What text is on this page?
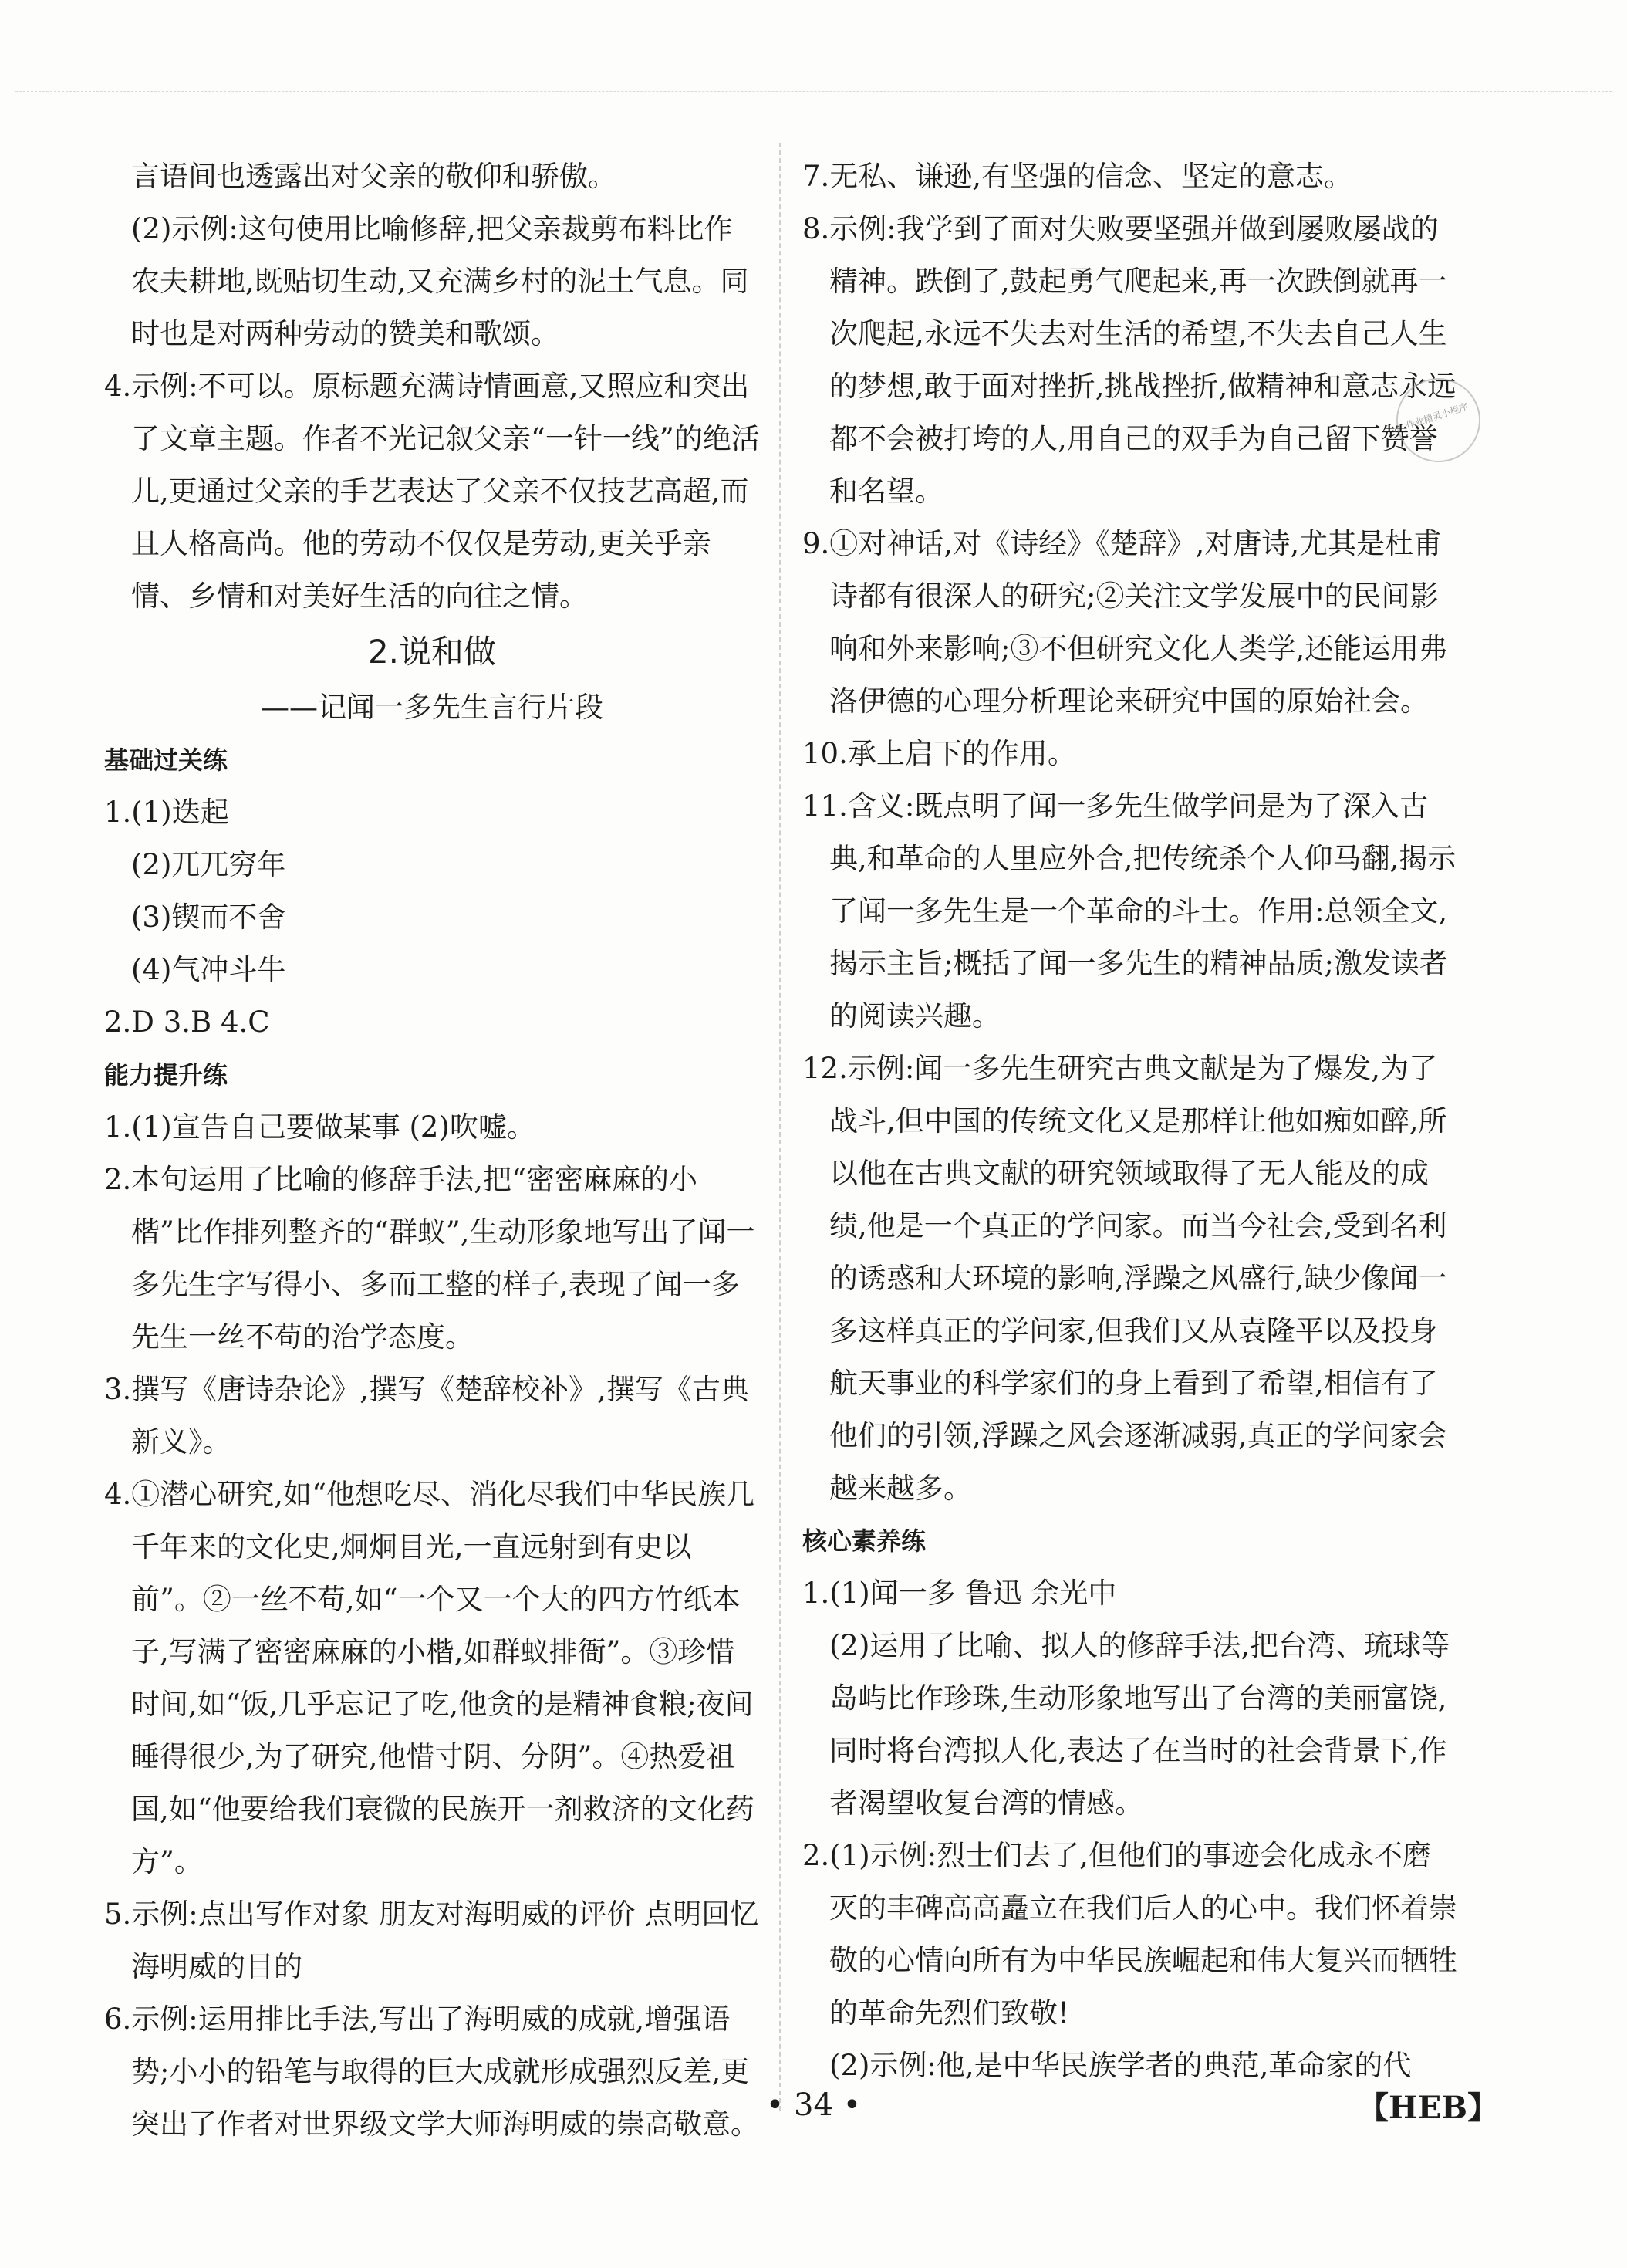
言语间也透露出对父亲的敬仰和骄傲。

(2)示例:这句使用比喻修辞,把父亲裁剪布料比作农夫耕地,既贴切生动,又充满乡村的泥土气息。同时也是对两种劳动的赞美和歌颂。

4.示例:不可以。原标题充满诗情画意,又照应和突出了文章主题。作者不光记叙父亲“一针一线”的绝活儿,更通过父亲的手艺表达了父亲不仅技艺高超,而且人格高尚。他的劳动不仅仅是劳动,更关乎亲情、乡情和对美好生活的向往之情。

2.说和做

——记闻一多先生言行片段

基础过关练

1.(1)迭起

(2)兀兀穷年

(3)锲而不舍

(4)气冲斗牛

2.D 3.B 4.C

能力提升练

1.(1)宣告自己要做某事 (2)吹嘘。

2.本句运用了比喻的修辞手法,把“密密麻麻的小楷”比作排列整齐的“群蚁”,生动形象地写出了闻一多先生字写得小、多而工整的样子,表现了闻一多先生一丝不苟的治学态度。

3.撰写《唐诗杂论》,撰写《楚辞校补》,撰写《古典新义》。

4.①潜心研究,如“他想吃尽、消化尽我们中华民族几千年来的文化史,炯炯目光,一直远射到有史以前”。②一丝不苟,如“一个又一个大的四方竹纸本子,写满了密密麻麻的小楷,如群蚁排衙”。③珍惜时间,如“饭,几乎忘记了吃,他贪的是精神食粮;夜间睡得很少,为了研究,他惜寸阴、分阴”。④热爱祖国,如“他要给我们衰微的民族开一剂救济的文化药方”。

5.示例:点出写作对象 朋友对海明威的评价 点明回忆海明威的目的

6.示例:运用排比手法,写出了海明威的成就,增强语势;小小的铅笔与取得的巨大成就形成强烈反差,更突出了作者对世界级文学大师海明威的崇高敬意。

7.无私、谦逊,有坚强的信念、坚定的意志。

8.示例:我学到了面对失败要坚强并做到屡败屡战的精神。跌倒了,鼓起勇气爬起来,再一次跌倒就再一次爬起,永远不失去对生活的希望,不失去自己人生的梦想,敢于面对挫折,挑战挫折,做精神和意志永远都不会被打垮的人,用自己的双手为自己留下赞誉和名望。

9.①对神话,对《诗经》《楚辞》,对唐诗,尤其是杜甫诗都有很深人的研究;②关注文学发展中的民间影响和外来影响;③不但研究文化人类学,还能运用弗洛伊德的心理分析理论来研究中国的原始社会。

10.承上启下的作用。

11.含义:既点明了闻一多先生做学问是为了深入古典,和革命的人里应外合,把传统杀个人仰马翻,揭示了闻一多先生是一个革命的斗士。作用:总领全文,揭示主旨;概括了闻一多先生的精神品质;激发读者的阅读兴趣。

12.示例:闻一多先生研究古典文献是为了爆发,为了战斗,但中国的传统文化又是那样让他如痴如醉,所以他在古典文献的研究领域取得了无人能及的成绩,他是一个真正的学问家。而当今社会,受到名利的诱惑和大环境的影响,浮躁之风盛行,缺少像闻一多这样真正的学问家,但我们又从袁隆平以及投身航天事业的科学家们的身上看到了希望,相信有了他们的引领,浮躁之风会逐渐减弱,真正的学问家会越来越多。

核心素养练

1.(1)闻一多 鲁迅 余光中

(2)运用了比喻、拟人的修辞手法,把台湾、琉球等岛屿比作珍珠,生动形象地写出了台湾的美丽富饶,同时将台湾拟人化,表达了在当时的社会背景下,作者渴望收复台湾的情感。

2.(1)示例:烈士们去了,但他们的事迹会化成永不磨灭的丰碑高高矗立在我们后人的心中。我们怀着崇敬的心情向所有为中华民族崛起和伟大复兴而牺牲的革命先烈们致敬!

(2)示例:他,是中华民族学者的典范,革命家的代

作业精灵小程序
• 34 •	【HEB】
